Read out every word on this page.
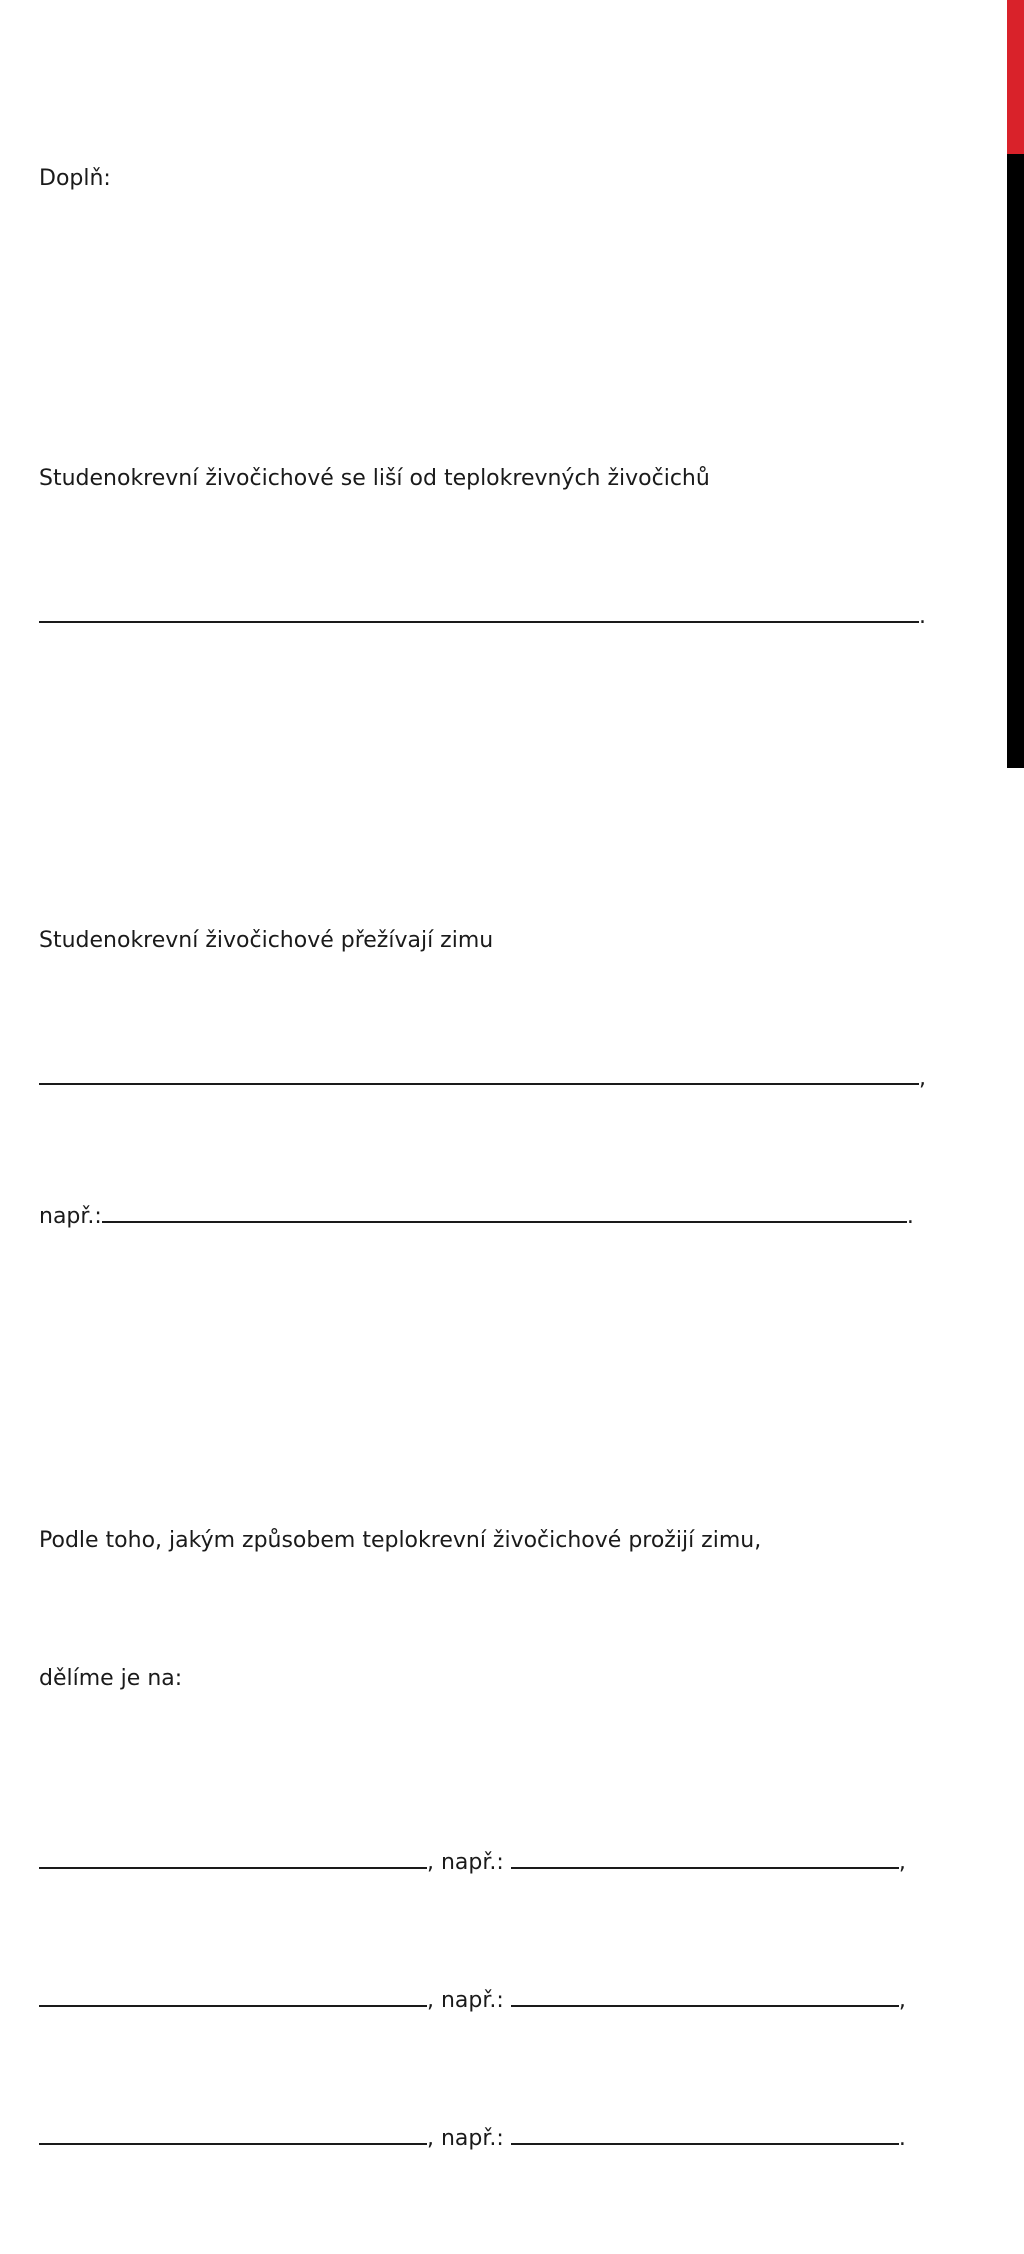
Doplň:

Studenokrevní živočichové se liší od teplokrevných živočichů

.

Studenokrevní živočichové přežívají zimu

,

např.:	.

Podle toho, jakým způsobem teplokrevní živočichové prožijí zimu,

dělíme je na:

, např.:	,

, např.:	,

, např.:	.
